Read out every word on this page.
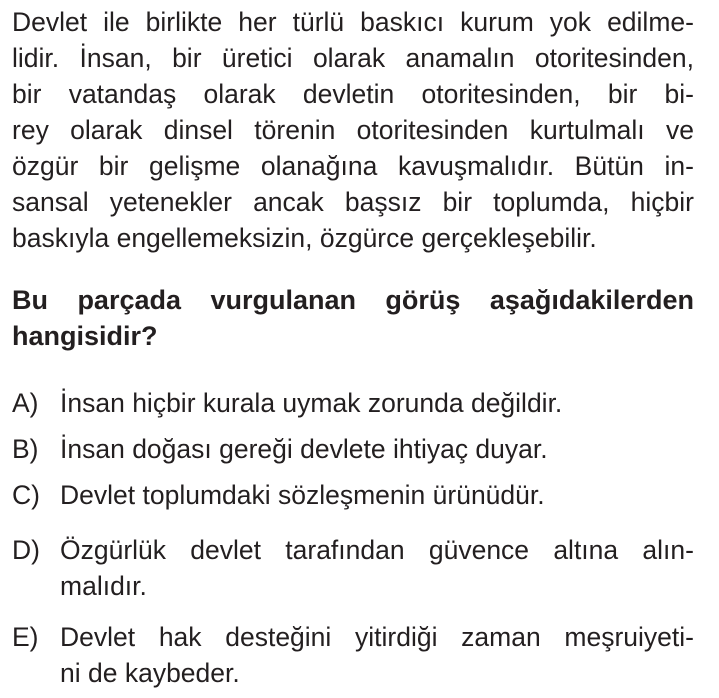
Devlet ile birlikte her türlü baskıcı kurum yok edilme-
lidir. İnsan, bir üretici olarak anamalın otoritesinden,
bir vatandaş olarak devletin otoritesinden, bir bi-
rey olarak dinsel törenin otoritesinden kurtulmalı ve
özgür bir gelişme olanağına kavuşmalıdır. Bütün in-
sansal yetenekler ancak başsız bir toplumda, hiçbir
baskıyla engellemeksizin, özgürce gerçekleşebilir.
Bu parçada vurgulanan görüş aşağıdakilerden
hangisidir?
A) İnsan hiçbir kurala uymak zorunda değildir.
B) İnsan doğası gereği devlete ihtiyaç duyar.
C) Devlet toplumdaki sözleşmenin ürünüdür.
D) Özgürlük devlet tarafından güvence altına alın-
malıdır.
E) Devlet hak desteğini yitirdiği zaman meşruiyeti-
ni de kaybeder.
